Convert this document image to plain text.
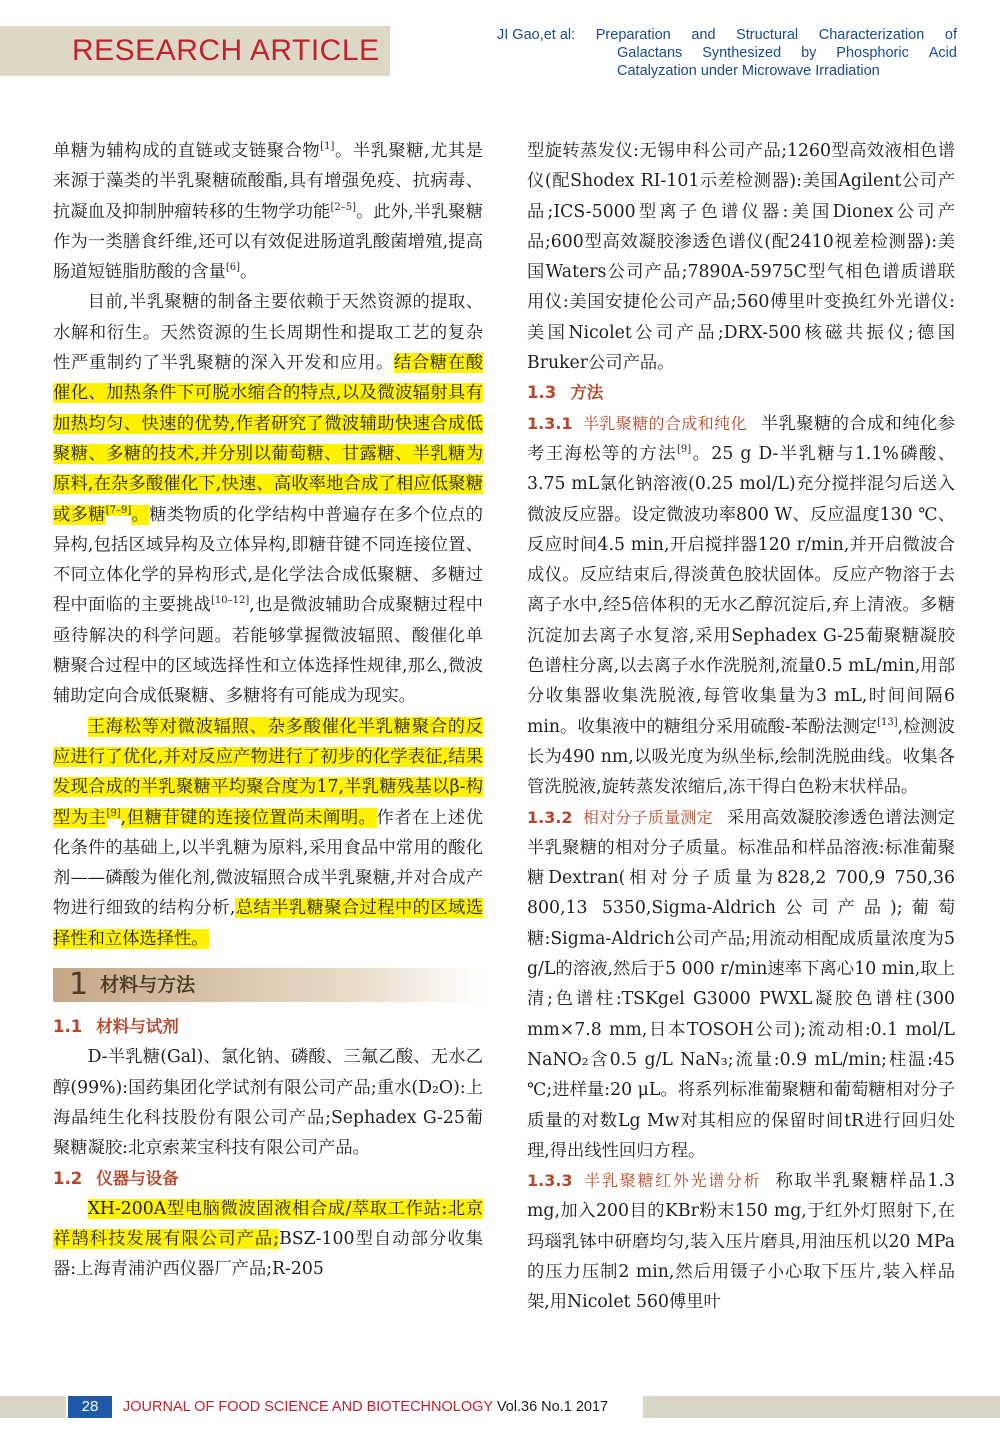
RESEARCH ARTICLE	JI Gao,et al: Preparation and Structural Characterization of
Galactans Synthesized by Phosphoric Acid
Catalyzation under Microwave Irradiation

单糖为辅构成的直链或支链聚合物[1]。半乳聚糖,尤其是来源于藻类的半乳聚糖硫酸酯,具有增强免疫、抗病毒、抗凝血及抑制肿瘤转移的生物学功能[2–5]。此外,半乳聚糖作为一类膳食纤维,还可以有效促进肠道乳酸菌增殖,提高肠道短链脂肪酸的含量[6]。

目前,半乳聚糖的制备主要依赖于天然资源的提取、水解和衍生。天然资源的生长周期性和提取工艺的复杂性严重制约了半乳聚糖的深入开发和应用。结合糖在酸催化、加热条件下可脱水缩合的特点,以及微波辐射具有加热均匀、快速的优势,作者研究了微波辅助快速合成低聚糖、多糖的技术,并分别以葡萄糖、甘露糖、半乳糖为原料,在杂多酸催化下,快速、高收率地合成了相应低聚糖或多糖[7–9]。糖类物质的化学结构中普遍存在多个位点的异构,包括区域异构及立体异构,即糖苷键不同连接位置、不同立体化学的异构形式,是化学法合成低聚糖、多糖过程中面临的主要挑战[10–12],也是微波辅助合成聚糖过程中亟待解决的科学问题。若能够掌握微波辐照、酸催化单糖聚合过程中的区域选择性和立体选择性规律,那么,微波辅助定向合成低聚糖、多糖将有可能成为现实。

王海松等对微波辐照、杂多酸催化半乳糖聚合的反应进行了优化,并对反应产物进行了初步的化学表征,结果发现合成的半乳聚糖平均聚合度为17,半乳糖残基以β-构型为主[9],但糖苷键的连接位置尚未阐明。作者在上述优化条件的基础上,以半乳糖为原料,采用食品中常用的酸化剂——磷酸为催化剂,微波辐照合成半乳聚糖,并对合成产物进行细致的结构分析,总结半乳糖聚合过程中的区域选择性和立体选择性。

1 材料与方法

1.1 材料与试剂

D-半乳糖(Gal)、氯化钠、磷酸、三氟乙酸、无水乙醇(99%):国药集团化学试剂有限公司产品;重水(D₂O):上海晶纯生化科技股份有限公司产品;Sephadex G-25葡聚糖凝胶:北京索莱宝科技有限公司产品。

1.2 仪器与设备

XH-200A型电脑微波固液相合成/萃取工作站:北京祥鹄科技发展有限公司产品;BSZ-100型自动部分收集器:上海青浦沪西仪器厂产品;R-205

型旋转蒸发仪:无锡申科公司产品;1260型高效液相色谱仪(配Shodex RI-101示差检测器):美国Agilent公司产品;ICS-5000型离子色谱仪器:美国Dionex公司产品;600型高效凝胶渗透色谱仪(配2410视差检测器):美国Waters公司产品;7890A-5975C型气相色谱质谱联用仪:美国安捷伦公司产品;560傅里叶变换红外光谱仪:美国Nicolet公司产品;DRX-500核磁共振仪;德国Bruker公司产品。

1.3 方法

1.3.1 半乳聚糖的合成和纯化 半乳聚糖的合成和纯化参考王海松等的方法[9]。25 g D-半乳糖与1.1%磷酸、3.75 mL氯化钠溶液(0.25 mol/L)充分搅拌混匀后送入微波反应器。设定微波功率800 W、反应温度130 ℃、反应时间4.5 min,开启搅拌器120 r/min,并开启微波合成仪。反应结束后,得淡黄色胶状固体。反应产物溶于去离子水中,经5倍体积的无水乙醇沉淀后,弃上清液。多糖沉淀加去离子水复溶,采用Sephadex G-25葡聚糖凝胶色谱柱分离,以去离子水作洗脱剂,流量0.5 mL/min,用部分收集器收集洗脱液,每管收集量为3 mL,时间间隔6 min。收集液中的糖组分采用硫酸-苯酚法测定[13],检测波长为490 nm,以吸光度为纵坐标,绘制洗脱曲线。收集各管洗脱液,旋转蒸发浓缩后,冻干得白色粉末状样品。

1.3.2 相对分子质量测定 采用高效凝胶渗透色谱法测定半乳聚糖的相对分子质量。标准品和样品溶液:标准葡聚糖Dextran(相对分子质量为828,2 700,9 750,36 800,13 5350,Sigma-Aldrich公司产品);葡萄糖:Sigma-Aldrich公司产品;用流动相配成质量浓度为5 g/L的溶液,然后于5 000 r/min速率下离心10 min,取上清;色谱柱:TSKgel G3000 PWXL凝胶色谱柱(300 mm×7.8 mm,日本TOSOH公司);流动相:0.1 mol/L NaNO₂含0.5 g/L NaN₃;流量:0.9 mL/min;柱温:45 ℃;进样量:20 μL。将系列标准葡聚糖和葡萄糖相对分子质量的对数Lg Mw对其相应的保留时间tR进行回归处理,得出线性回归方程。

1.3.3 半乳聚糖红外光谱分析 称取半乳聚糖样品1.3 mg,加入200目的KBr粉末150 mg,于红外灯照射下,在玛瑙乳钵中研磨均匀,装入压片磨具,用油压机以20 MPa的压力压制2 min,然后用镊子小心取下压片,装入样品架,用Nicolet 560傅里叶

28	JOURNAL OF FOOD SCIENCE AND BIOTECHNOLOGY Vol.36 No.1 2017
